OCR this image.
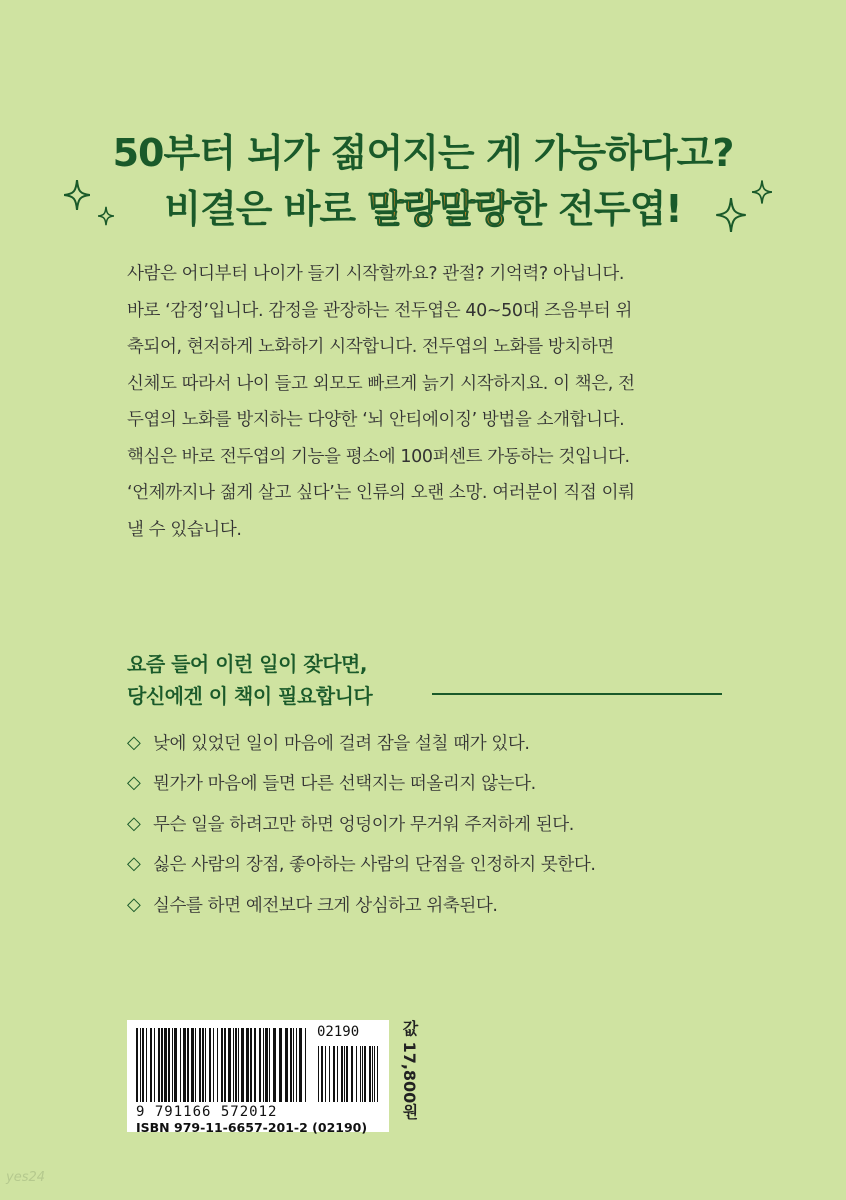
50부터 뇌가 젊어지는 게 가능하다고?
비결은 바로 말랑말랑한 전두엽!
사람은 어디부터 나이가 들기 시작할까요? 관절? 기억력? 아닙니다.
바로 ‘감정’입니다. 감정을 관장하는 전두엽은 40~50대 즈음부터 위
축되어, 현저하게 노화하기 시작합니다. 전두엽의 노화를 방치하면
신체도 따라서 나이 들고 외모도 빠르게 늙기 시작하지요. 이 책은, 전
두엽의 노화를 방지하는 다양한 ‘뇌 안티에이징’ 방법을 소개합니다.
핵심은 바로 전두엽의 기능을 평소에 100퍼센트 가동하는 것입니다.
‘언제까지나 젊게 살고 싶다’는 인류의 오랜 소망. 여러분이 직접 이뤄
낼 수 있습니다.
요즘 들어 이런 일이 잦다면,
당신에겐 이 책이 필요합니다
◇ 낮에 있었던 일이 마음에 걸려 잠을 설칠 때가 있다.
◇ 뭔가가 마음에 들면 다른 선택지는 떠올리지 않는다.
◇ 무슨 일을 하려고만 하면 엉덩이가 무거워 주저하게 된다.
◇ 싫은 사람의 장점, 좋아하는 사람의 단점을 인정하지 못한다.
◇ 실수를 하면 예전보다 크게 상심하고 위축된다.
02190
9 791166 572012
ISBN 979-11-6657-201-2 (02190)
값 17,800원
yes24
